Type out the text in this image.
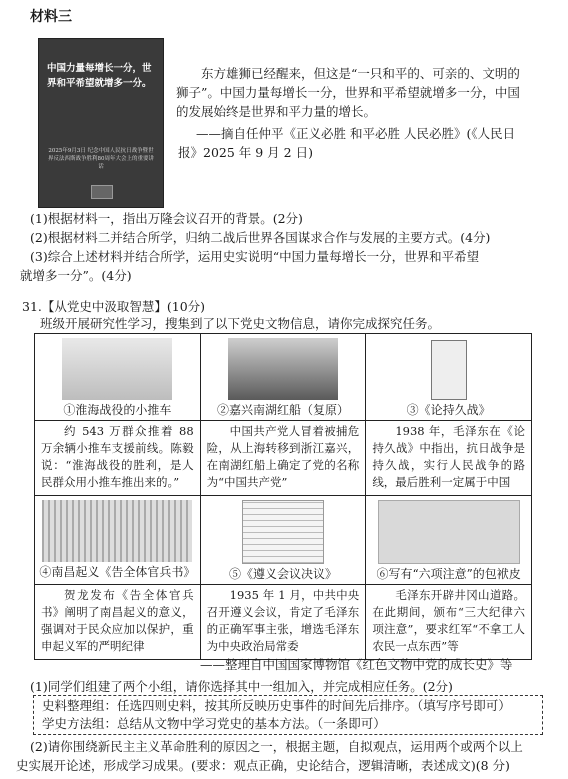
材料三
中国力量每增长一分，世界和平希望就增多一分。
2025年9月3日 纪念中国人民抗日战争暨世界反法西斯战争胜利80周年大会上的重要讲话
东方雄狮已经醒来，但这是“一只和平的、可亲的、文明的
狮子”。中国力量每增长一分，世界和平希望就增多一分，中国
的发展始终是世界和平力量的增长。
——摘自任仲平《正义必胜 和平必胜 人民必胜》(《人民日
报》2025 年 9 月 2 日)
(1)根据材料一，指出万隆会议召开的背景。(2分)
(2)根据材料二并结合所学，归纳二战后世界各国谋求合作与发展的主要方式。(4分)
(3)综合上述材料并结合所学，运用史实说明“中国力量每增长一分，世界和平希望
就增多一分”。(4分)
31.【从党史中汲取智慧】(10分)
班级开展研究性学习，搜集到了以下党史文物信息，请你完成探究任务。
①淮海战役的小推车	②嘉兴南湖红船（复原）	③《论持久战》

约 543 万群众推着 88 万余辆小推车支援前线。陈毅说：“淮海战役的胜利，是人民群众用小推车推出来的。”	中国共产党人冒着被捕危险，从上海转移到浙江嘉兴，在南湖红船上确定了党的名称为“中国共产党”	1938 年，毛泽东在《论持久战》中指出，抗日战争是持久战，实行人民战争的路线，最后胜利一定属于中国

④南昌起义《告全体官兵书》	⑤《遵义会议决议》	⑥写有“六项注意”的包袱皮

贺龙发布《告全体官兵书》阐明了南昌起义的意义，强调对于民众应加以保护，重申起义军的严明纪律	1935 年 1 月，中共中央召开遵义会议，肯定了毛泽东的正确军事主张，增选毛泽东为中央政治局常委	毛泽东开辟井冈山道路。在此期间，颁布“三大纪律六项注意”，要求红军“不拿工人农民一点东西”等
——整理自中国国家博物馆《红色文物中党的成长史》等
(1)同学们组建了两个小组，请你选择其中一组加入，并完成相应任务。(2分)
史料整理组：任选四则史料，按其所反映历史事件的时间先后排序。（填写序号即可）
学史方法组：总结从文物中学习党史的基本方法。（一条即可）
(2)请你围绕新民主主义革命胜利的原因之一，根据主题，自拟观点，运用两个或两个以上
史实展开论述，形成学习成果。(要求：观点正确，史论结合，逻辑清晰，表述成文)(8 分)
